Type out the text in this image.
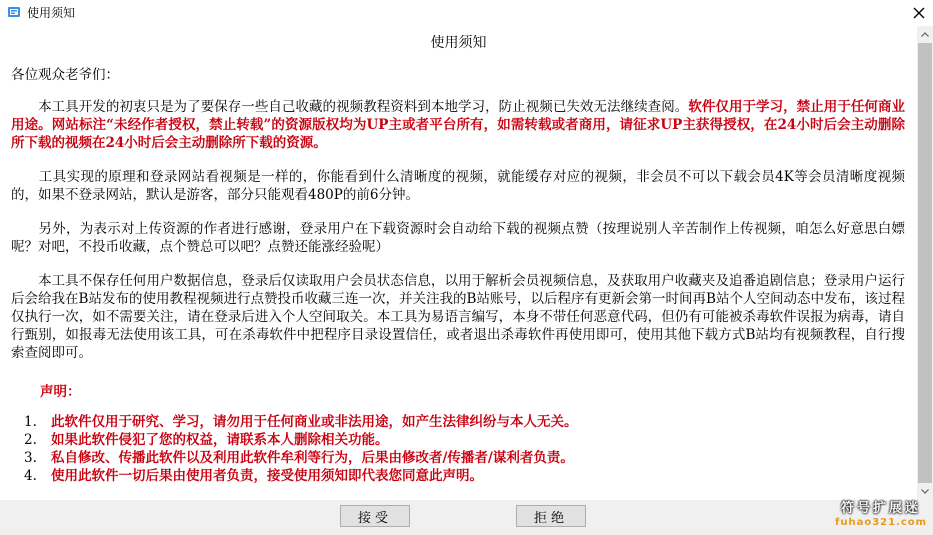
使用须知
使用须知
各位观众老爷们：
　　本工具开发的初衷只是为了要保存一些自己收藏的视频教程资料到本地学习，防止视频已失效无法继续查阅。软件仅用于学习，禁止用于任何商业用途。网站标注“未经作者授权，禁止转载”的资源版权均为UP主或者平台所有，如需转载或者商用，请征求UP主获得授权，在24小时后会主动删除所下载的视频在24小时后会主动删除所下载的资源。
　　工具实现的原理和登录网站看视频是一样的，你能看到什么清晰度的视频，就能缓存对应的视频，非会员不可以下载会员4K等会员清晰度视频的，如果不登录网站，默认是游客，部分只能观看480P的前6分钟。
　　另外，为表示对上传资源的作者进行感谢，登录用户在下载资源时会自动给下载的视频点赞（按理说别人辛苦制作上传视频，咱怎么好意思白嫖呢？对吧，不投币收藏，点个赞总可以吧？点赞还能涨经验呢）
　　本工具不保存任何用户数据信息，登录后仅读取用户会员状态信息，以用于解析会员视频信息，及获取用户收藏夹及追番追剧信息；登录用户运行后会给我在B站发布的使用教程视频进行点赞投币收藏三连一次，并关注我的B站账号，以后程序有更新会第一时间再B站个人空间动态中发布，该过程仅执行一次，如不需要关注，请在登录后进入个人空间取关。本工具为易语言编写，本身不带任何恶意代码，但仍有可能被杀毒软件误报为病毒，请自行甄别，如报毒无法使用该工具，可在杀毒软件中把程序目录设置信任，或者退出杀毒软件再使用即可，使用其他下载方式B站均有视频教程，自行搜索查阅即可。
声明：
1. 此软件仅用于研究、学习，请勿用于任何商业或非法用途，如产生法律纠纷与本人无关。
2. 如果此软件侵犯了您的权益，请联系本人删除相关功能。
3. 私自修改、传播此软件以及利用此软件牟利等行为，后果由修改者/传播者/谋利者负责。
4. 使用此软件一切后果由使用者负责，接受使用须知即代表您同意此声明。
接受	拒绝
符号扩展迷
fuhao321.com
